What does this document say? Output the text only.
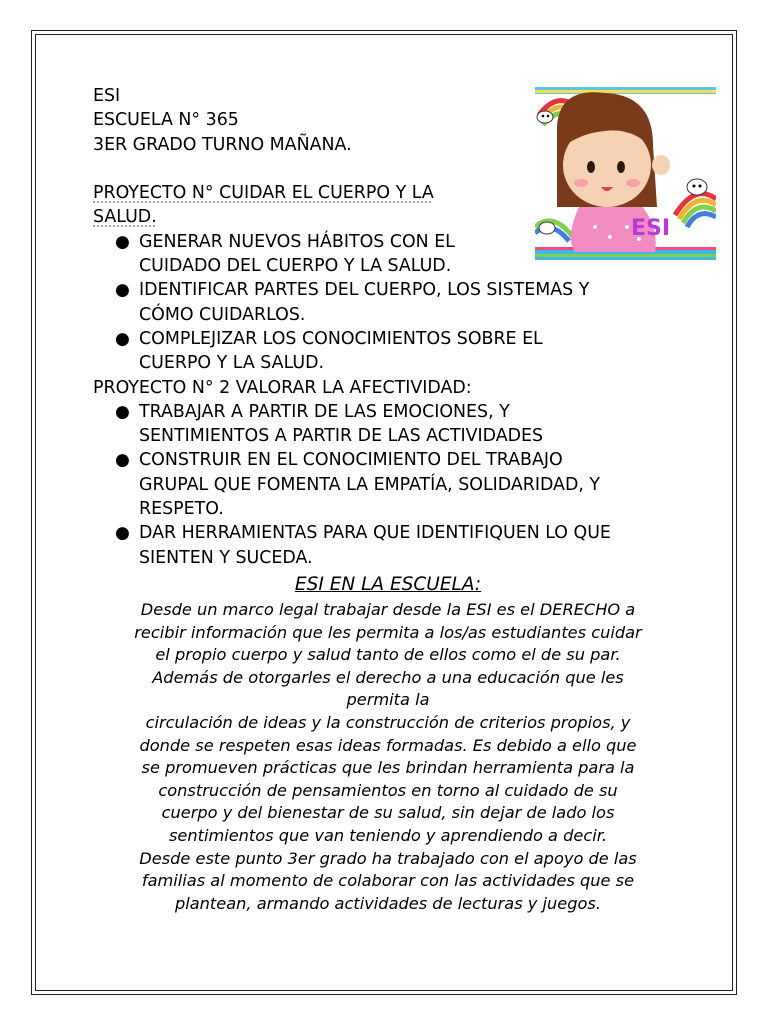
ESI
ESCUELA N° 365
3ER GRADO TURNO MAÑANA.
PROYECTO N° CUIDAR EL CUERPO Y LA
SALUD.
● GENERAR NUEVOS HÁBITOS CON EL
CUIDADO DEL CUERPO Y LA SALUD.
● IDENTIFICAR PARTES DEL CUERPO, LOS SISTEMAS Y
CÓMO CUIDARLOS.
● COMPLEJIZAR LOS CONOCIMIENTOS SOBRE EL
CUERPO Y LA SALUD.
PROYECTO N° 2 VALORAR LA AFECTIVIDAD:
● TRABAJAR A PARTIR DE LAS EMOCIONES, Y
SENTIMIENTOS A PARTIR DE LAS ACTIVIDADES
● CONSTRUIR EN EL CONOCIMIENTO DEL TRABAJO
GRUPAL QUE FOMENTA LA EMPATÍA, SOLIDARIDAD, Y
RESPETO.
● DAR HERRAMIENTAS PARA QUE IDENTIFIQUEN LO QUE
SIENTEN Y SUCEDA.
ESI EN LA ESCUELA:
Desde un marco legal trabajar desde la ESI es el DERECHO a
recibir información que les permita a los/as estudiantes cuidar
el propio cuerpo y salud tanto de ellos como el de su par.
Además de otorgarles el derecho a una educación que les
permita la
circulación de ideas y la construcción de criterios propios, y
donde se respeten esas ideas formadas. Es debido a ello que
se promueven prácticas que les brindan herramienta para la
construcción de pensamientos en torno al cuidado de su
cuerpo y del bienestar de su salud, sin dejar de lado los
sentimientos que van teniendo y aprendiendo a decir.
Desde este punto 3er grado ha trabajado con el apoyo de las
familias al momento de colaborar con las actividades que se
plantean, armando actividades de lecturas y juegos.
ESI
